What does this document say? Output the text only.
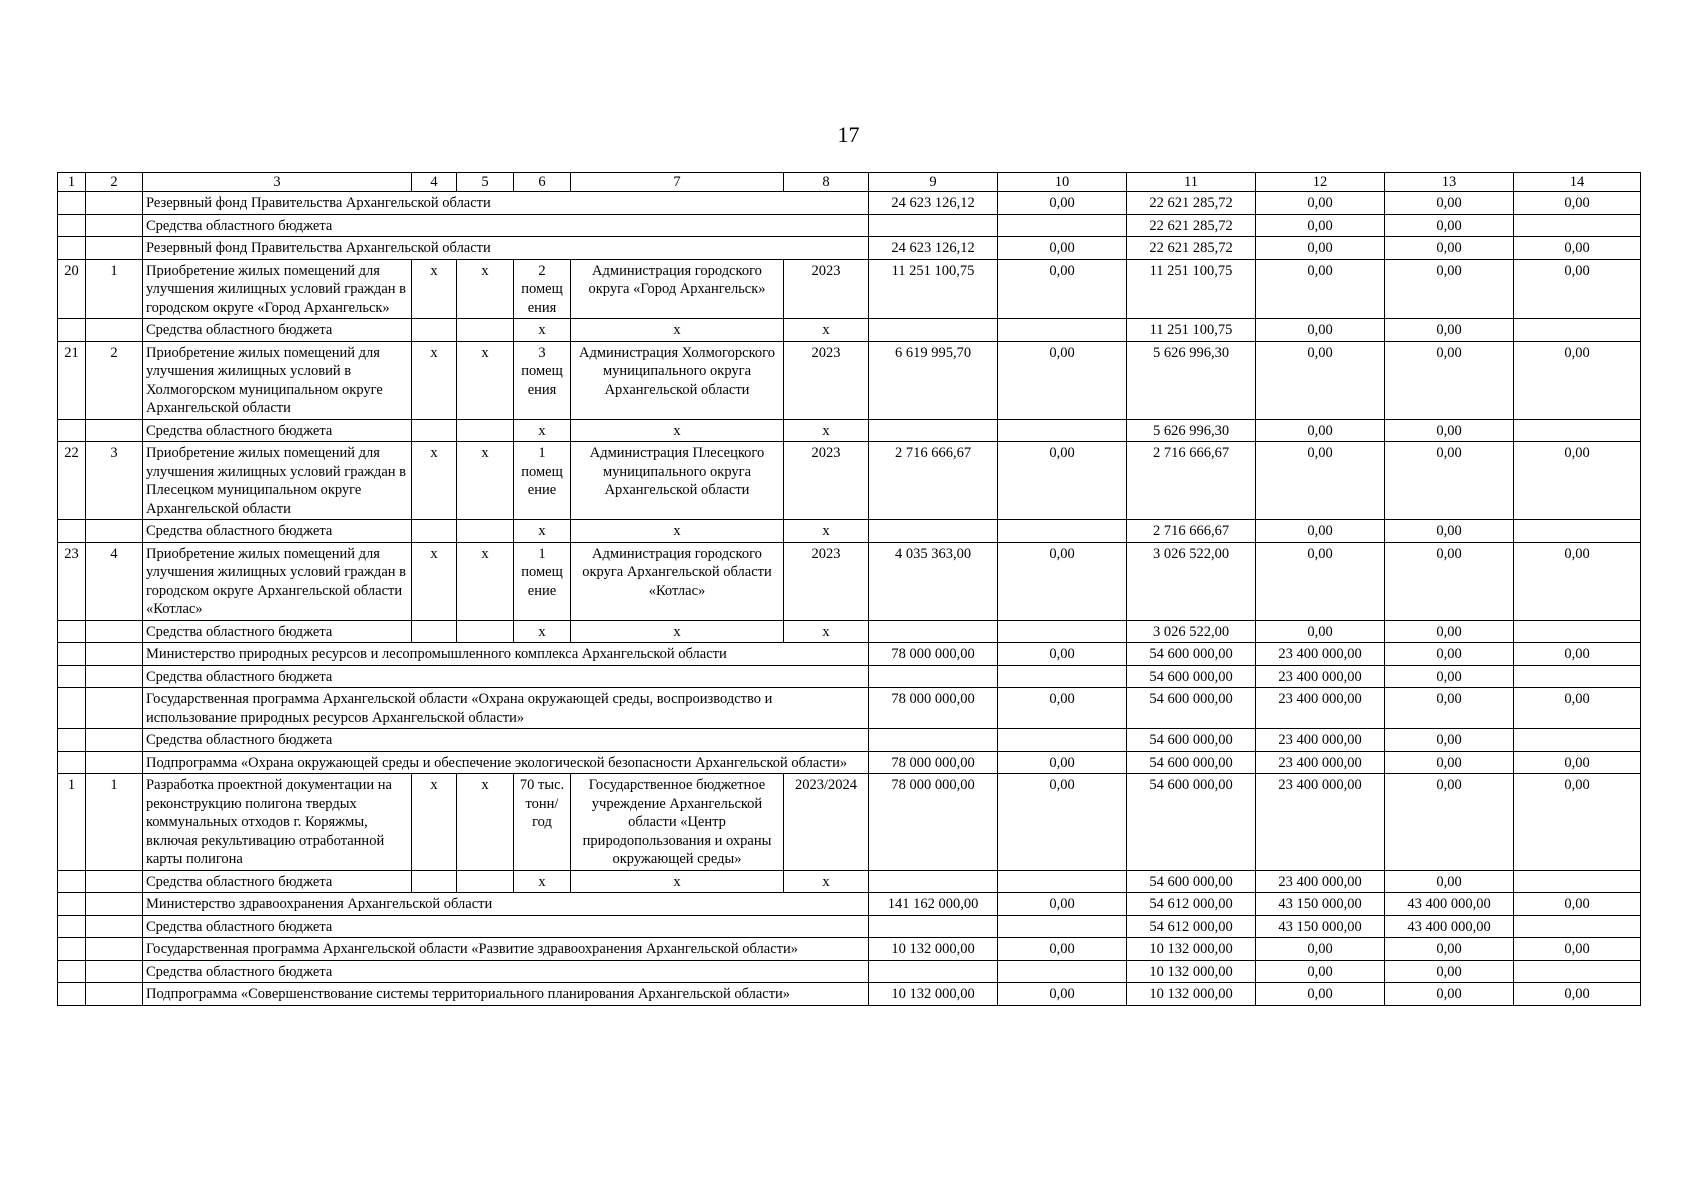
17
1	2	3	4	5	6	7	8	9	10	11	12	13	14
		Резервный фонд Правительства Архангельской области						24 623 126,12	0,00	22 621 285,72	0,00	0,00	0,00
		Средства областного бюджета								22 621 285,72	0,00	0,00	
		Резервный фонд Правительства Архангельской области						24 623 126,12	0,00	22 621 285,72	0,00	0,00	0,00
20	1	Приобретение жилых помещений для улучшения жилищных условий граждан в городском округе «Город Архангельск»	x	x	2 помещ ения	Администрация городского округа «Город Архангельск»	2023	11 251 100,75	0,00	11 251 100,75	0,00	0,00	0,00
		Средства областного бюджета			x	x	x			11 251 100,75	0,00	0,00	
21	2	Приобретение жилых помещений для улучшения жилищных условий в Холмогорском муниципальном округе Архангельской области	x	x	3 помещ ения	Администрация Холмогорского муниципального округа Архангельской области	2023	6 619 995,70	0,00	5 626 996,30	0,00	0,00	0,00
		Средства областного бюджета			x	x	x			5 626 996,30	0,00	0,00	
22	3	Приобретение жилых помещений для улучшения жилищных условий граждан в Плесецком муниципальном округе Архангельской области	x	x	1 помещ ение	Администрация Плесецкого муниципального округа Архангельской области	2023	2 716 666,67	0,00	2 716 666,67	0,00	0,00	0,00
		Средства областного бюджета			x	x	x			2 716 666,67	0,00	0,00	
23	4	Приобретение жилых помещений для улучшения жилищных условий граждан в городском округе Архангельской области «Котлас»	x	x	1 помещ ение	Администрация городского округа Архангельской области «Котлас»	2023	4 035 363,00	0,00	3 026 522,00	0,00	0,00	0,00
		Средства областного бюджета			x	x	x			3 026 522,00	0,00	0,00	
		Министерство природных ресурсов и лесопромышленного комплекса Архангельской области						78 000 000,00	0,00	54 600 000,00	23 400 000,00	0,00	0,00
		Средства областного бюджета								54 600 000,00	23 400 000,00	0,00	
		Государственная программа Архангельской области «Охрана окружающей среды, воспроизводство и использование природных ресурсов Архангельской области»						78 000 000,00	0,00	54 600 000,00	23 400 000,00	0,00	0,00
		Средства областного бюджета								54 600 000,00	23 400 000,00	0,00	
		Подпрограмма «Охрана окружающей среды и обеспечение экологической безопасности Архангельской области»						78 000 000,00	0,00	54 600 000,00	23 400 000,00	0,00	0,00
1	1	Разработка проектной документации на реконструкцию полигона твердых коммунальных отходов г. Коряжмы, включая рекультивацию отработанной карты полигона	x	x	70 тыс. тонн/ год	Государственное бюджетное учреждение Архангельской области «Центр природопользования и охраны окружающей среды»	2023/2024	78 000 000,00	0,00	54 600 000,00	23 400 000,00	0,00	0,00
		Средства областного бюджета			x	x	x			54 600 000,00	23 400 000,00	0,00	
		Министерство здравоохранения Архангельской области						141 162 000,00	0,00	54 612 000,00	43 150 000,00	43 400 000,00	0,00
		Средства областного бюджета								54 612 000,00	43 150 000,00	43 400 000,00	
		Государственная программа Архангельской области «Развитие здравоохранения Архангельской области»						10 132 000,00	0,00	10 132 000,00	0,00	0,00	0,00
		Средства областного бюджета								10 132 000,00	0,00	0,00	
		Подпрограмма «Совершенствование системы территориального планирования Архангельской области»						10 132 000,00	0,00	10 132 000,00	0,00	0,00	0,00
